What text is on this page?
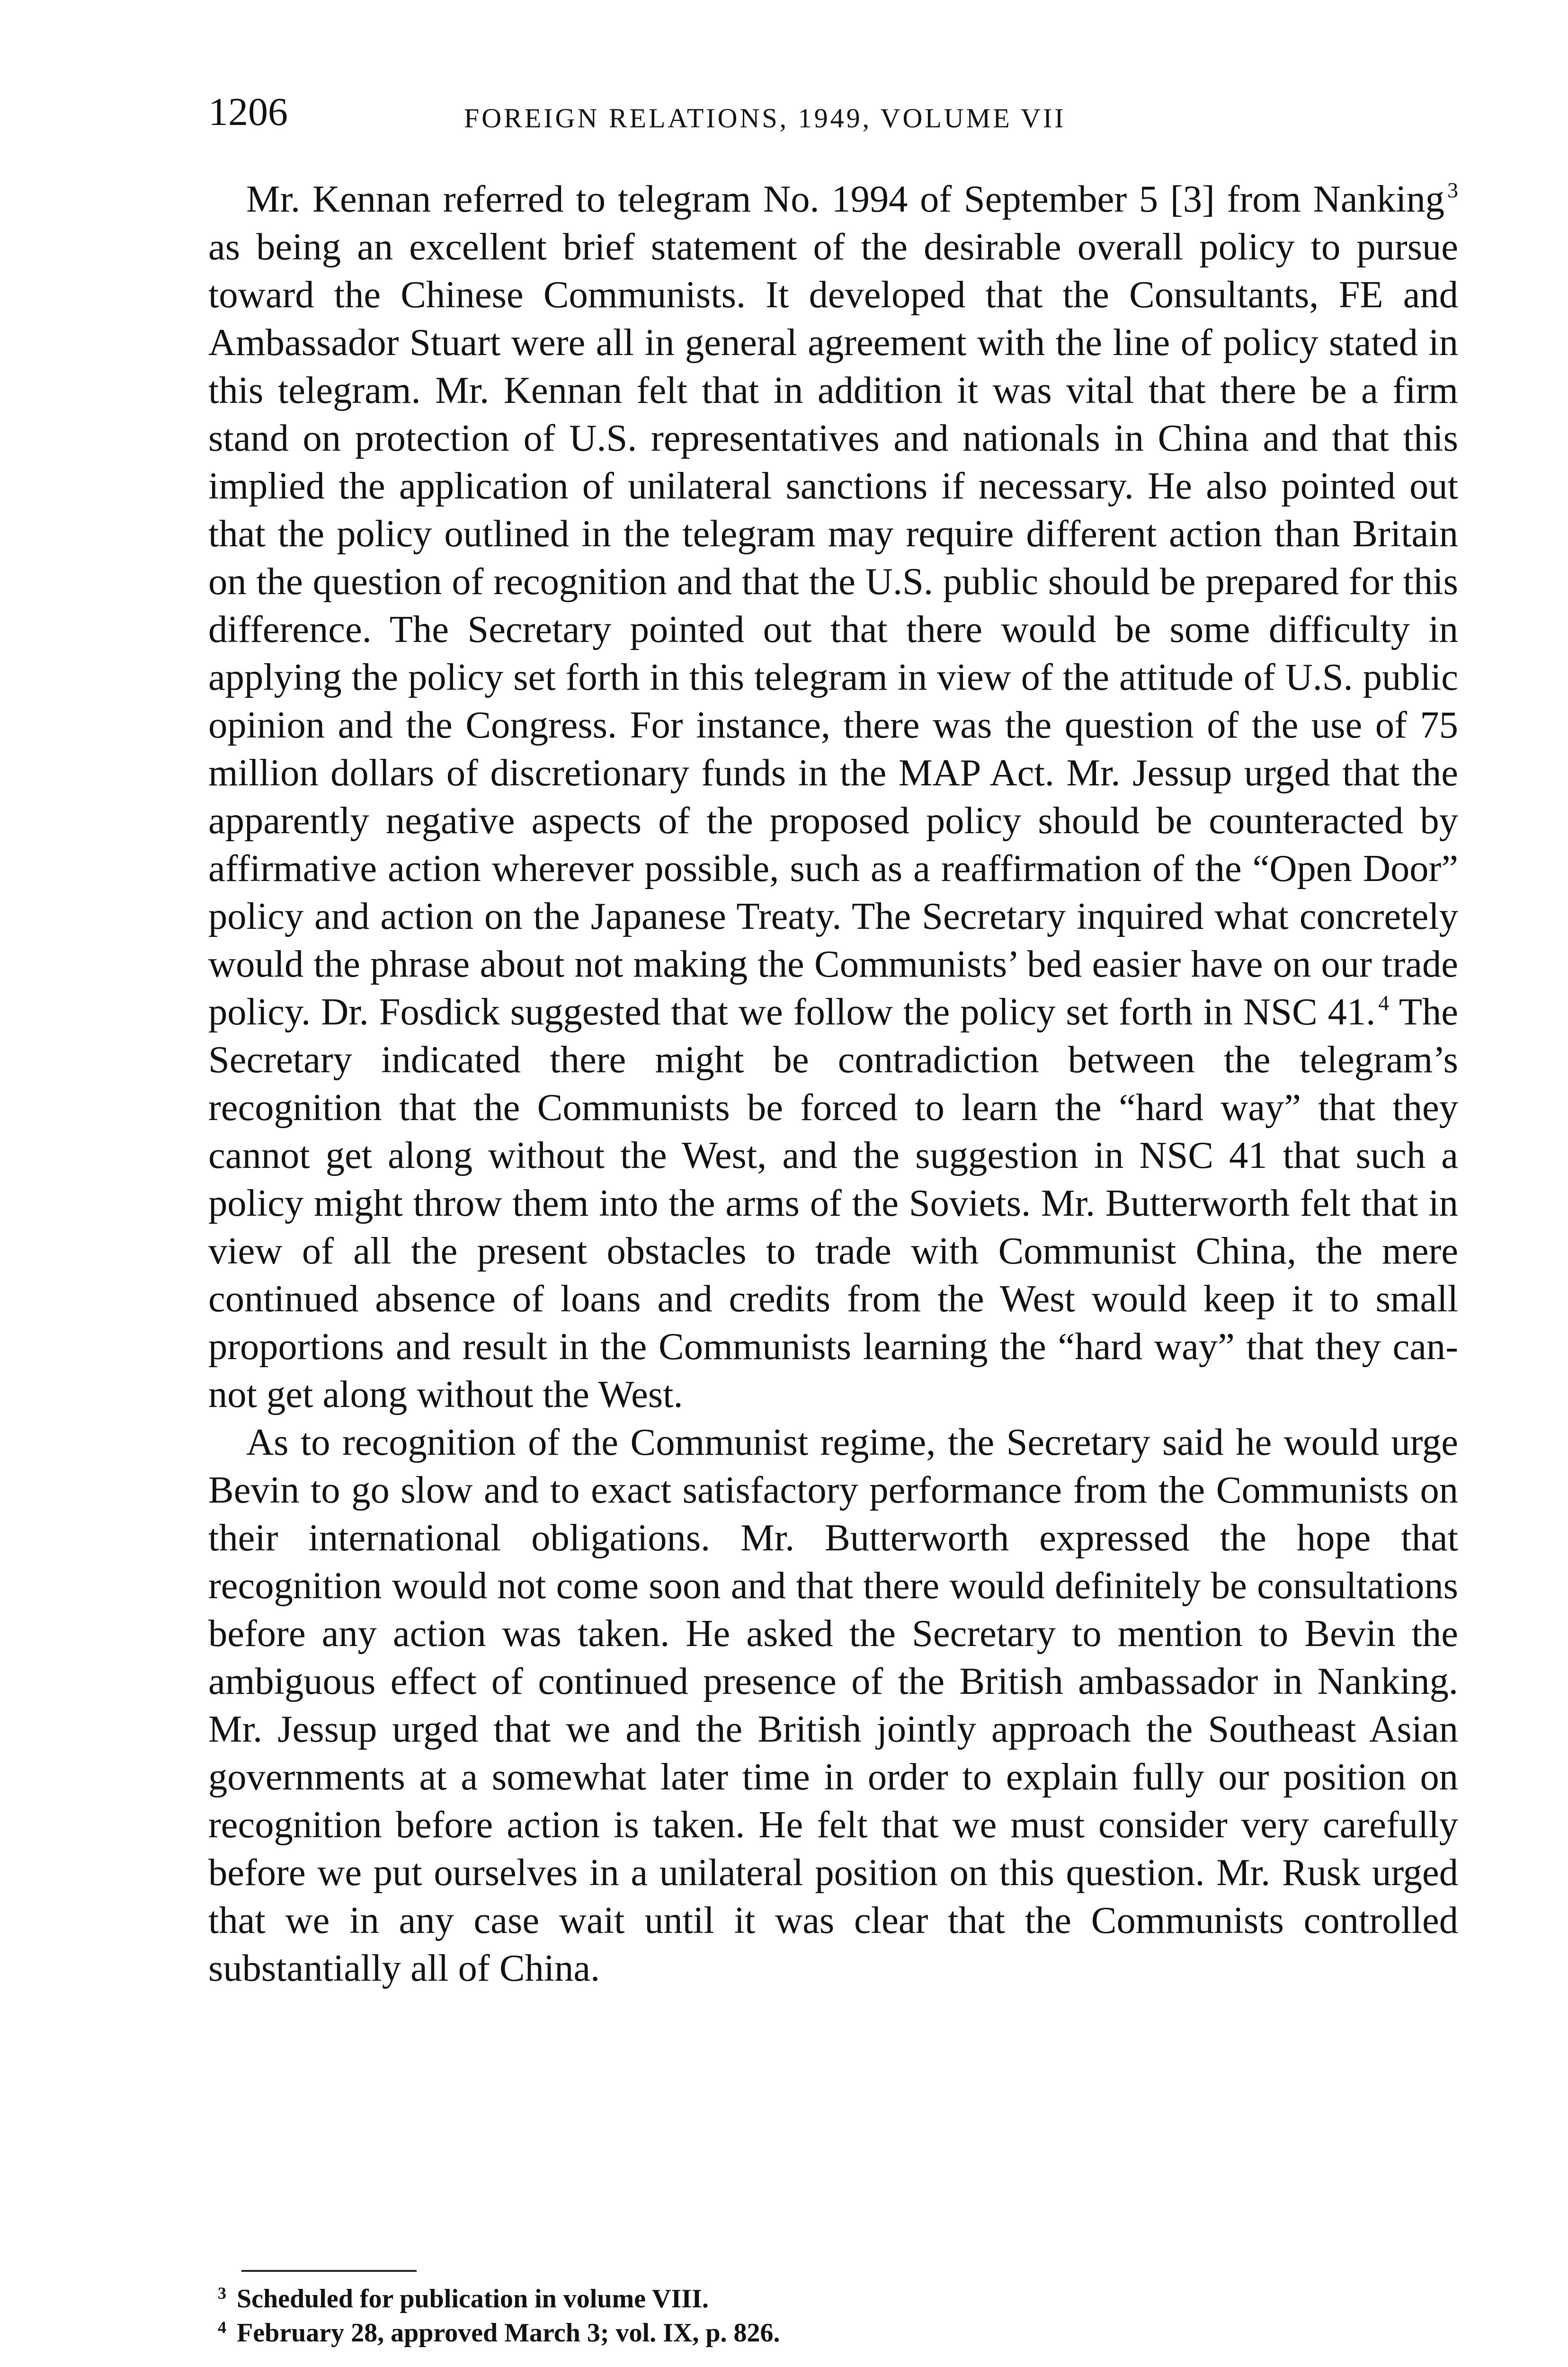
1206	FOREIGN RELATIONS, 1949, VOLUME VII

Mr. Kennan referred to telegram No. 1994 of September 5 [3] from Nanking $^3$ as being an excellent brief statement of the desirable overall policy to pursue toward the Chinese Communists. It developed that the Consultants, FE and Ambassador Stuart were all in general agreement with the line of policy stated in this telegram. Mr. Kennan felt that in addition it was vital that there be a firm stand on protection of U.S. representatives and nationals in China and that this implied the application of unilateral sanctions if necessary. He also pointed out that the policy outlined in the telegram may require different action than Britain on the question of recognition and that the U.S. public should be prepared for this difference. The Secretary pointed out that there would be some difficulty in applying the policy set forth in this telegram in view of the attitude of U.S. public opinion and the Congress. For instance, there was the question of the use of 75 million dollars of discretionary funds in the MAP Act. Mr. Jessup urged that the apparently negative aspects of the proposed policy should be counteracted by affirmative action wherever possible, such as a reaffirmation of the “Open Door” policy and action on the Japanese Treaty. The Secretary inquired what concretely would the phrase about not making the Communists’ bed easier have on our trade policy. Dr. Fosdick suggested that we follow the policy set forth in NSC 41. $^4$ The Secretary indicated there might be contradiction between the telegram’s recognition that the Communists be forced to learn the “hard way” that they cannot get along without the West, and the suggestion in NSC 41 that such a policy might throw them into the arms of the Soviets. Mr. Butterworth felt that in view of all the present obstacles to trade with Communist China, the mere continued absence of loans and credits from the West would keep it to small proportions and result in the Communists learning the “hard way” that they cannot get along without the West.

As to recognition of the Communist regime, the Secretary said he would urge Bevin to go slow and to exact satisfactory performance from the Communists on their international obligations. Mr. Butterworth expressed the hope that recognition would not come soon and that there would definitely be consultations before any action was taken. He asked the Secretary to mention to Bevin the ambiguous effect of continued presence of the British ambassador in Nanking. Mr. Jessup urged that we and the British jointly approach the Southeast Asian governments at a somewhat later time in order to explain fully our position on recognition before action is taken. He felt that we must consider very carefully before we put ourselves in a unilateral position on this question. Mr. Rusk urged that we in any case wait until it was clear that the Communists controlled substantially all of China.

3 Scheduled for publication in volume VIII.

4 February 28, approved March 3; vol. IX, p. 826.
